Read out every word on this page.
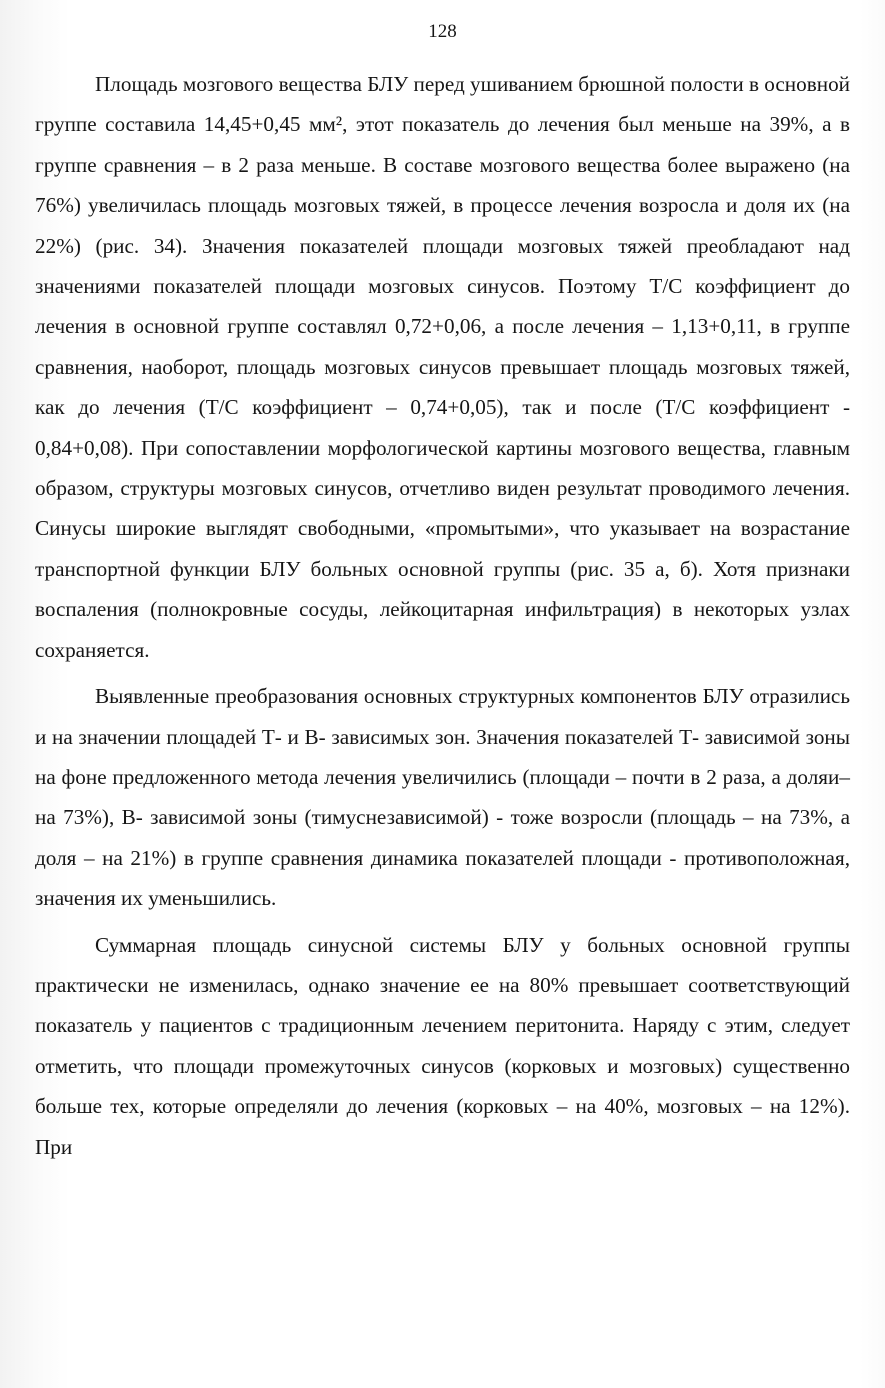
128

Площадь мозгового вещества БЛУ перед ушиванием брюшной полости в основной группе составила 14,45+0,45 мм², этот показатель до лечения был меньше на 39%, а в группе сравнения – в 2 раза меньше. В составе мозгового вещества более выражено (на 76%) увеличилась площадь мозговых тяжей, в процессе лечения возросла и доля их (на 22%) (рис. 34). Значения показателей площади мозговых тяжей преобладают над значениями показателей площади мозговых синусов. Поэтому Т/С коэффициент до лечения в основной группе составлял 0,72+0,06, а после лечения – 1,13+0,11, в группе сравнения, наоборот, площадь мозговых синусов превышает площадь мозговых тяжей, как до лечения (Т/С коэффициент – 0,74+0,05), так и после (Т/С коэффициент - 0,84+0,08). При сопоставлении морфологической картины мозгового вещества, главным образом, структуры мозговых синусов, отчетливо виден результат проводимого лечения. Синусы широкие выглядят свободными, «промытыми», что указывает на возрастание транспортной функции БЛУ больных основной группы (рис. 35 а, б). Хотя признаки воспаления (полнокровные сосуды, лейкоцитарная инфильтрация) в некоторых узлах сохраняется.

Выявленные преобразования основных структурных компонентов БЛУ отразились и на значении площадей Т- и В- зависимых зон. Значения показателей Т- зависимой зоны на фоне предложенного метода лечения увеличились (площади – почти в 2 раза, а доляи– на 73%), В- зависимой зоны (тимуснезависимой) - тоже возросли (площадь – на 73%, а доля – на 21%) в группе сравнения динамика показателей площади - противоположная, значения их уменьшились.

Суммарная площадь синусной системы БЛУ у больных основной группы практически не изменилась, однако значение ее на 80% превышает соответствующий показатель у пациентов с традиционным лечением перитонита. Наряду с этим, следует отметить, что площади промежуточных синусов (корковых и мозговых) существенно больше тех, которые определяли до лечения (корковых – на 40%, мозговых – на 12%). При
